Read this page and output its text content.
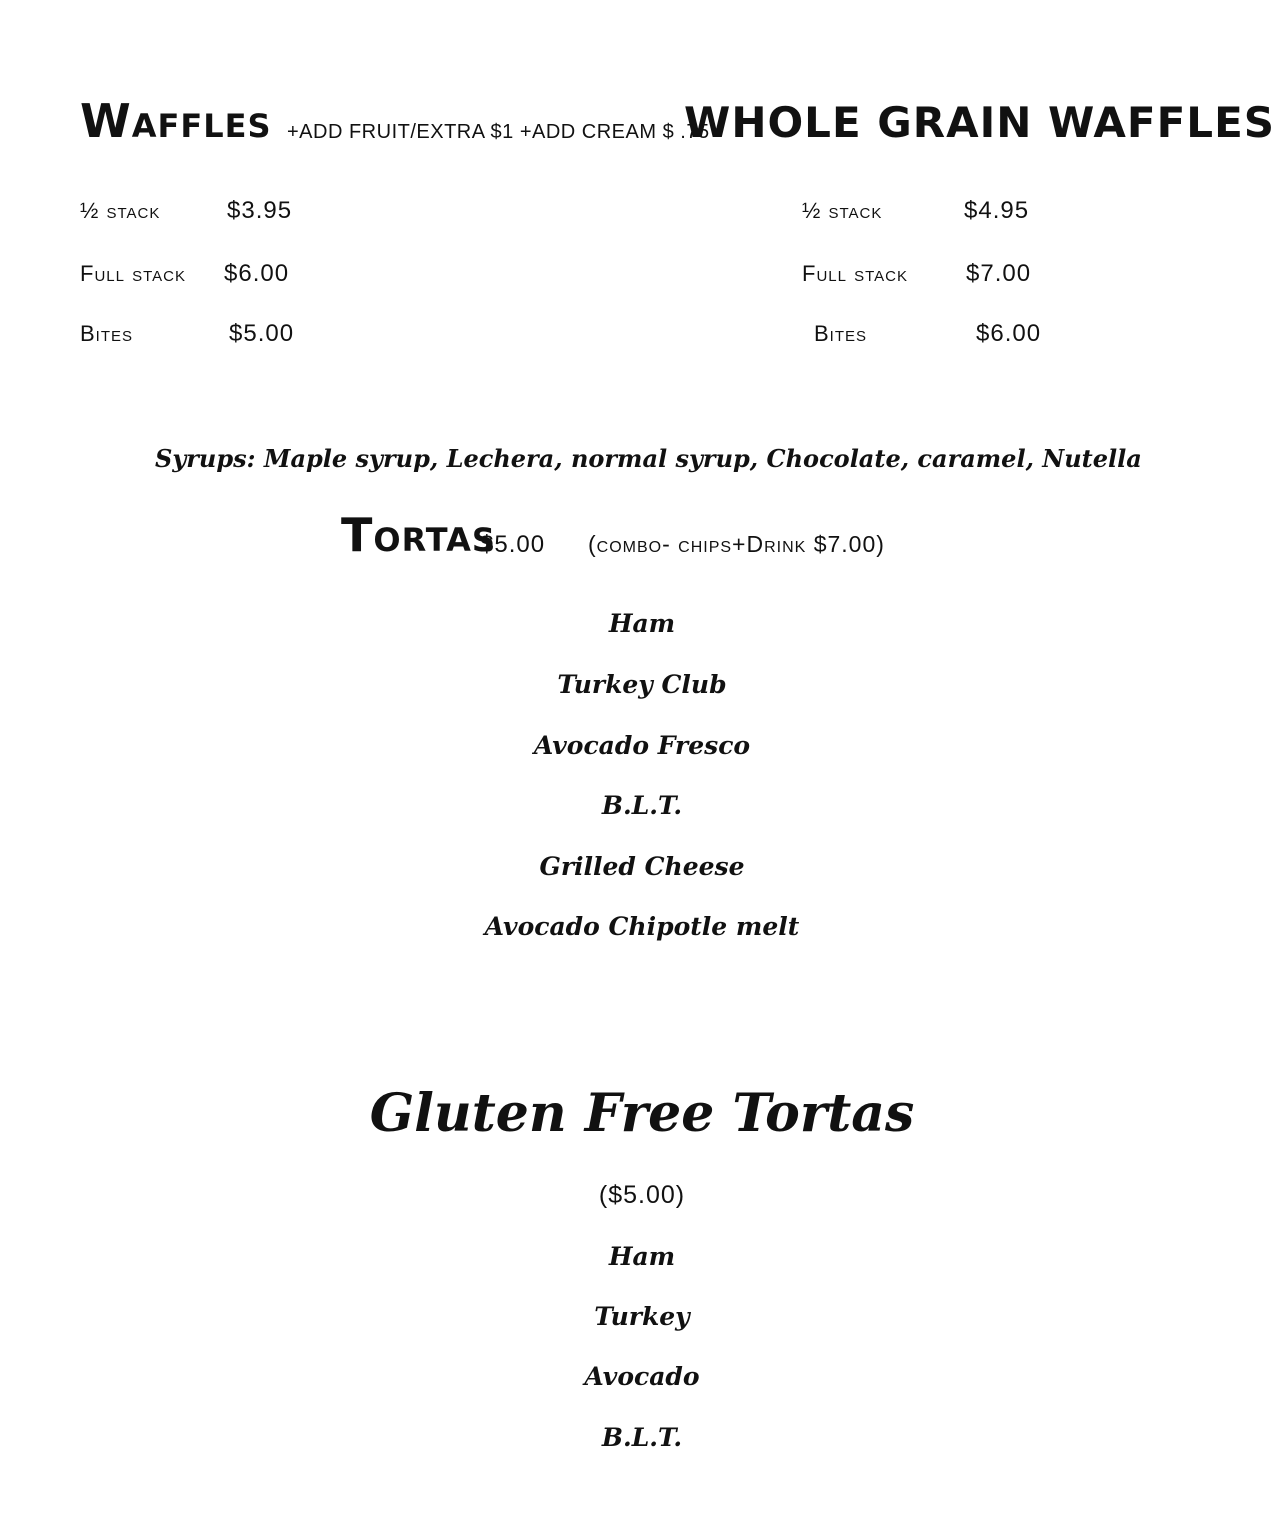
Waffles +ADD FRUIT/EXTRA $1 +ADD CREAM $ .75
WHOLE GRAIN WAFFLES
½ stack	$3.95
Full stack $6.00
Bites	$5.00
½ stack	$4.95
Full stack $7.00
Bites	$6.00
Syrups: Maple syrup, Lechera, normal syrup, Chocolate, caramel, Nutella
Tortas
$5.00 (combo- chips+Drink $7.00)
Ham
Turkey Club
Avocado Fresco
B.L.T.
Grilled Cheese
Avocado Chipotle melt
Gluten Free Tortas
($5.00)
Ham
Turkey
Avocado
B.L.T.
